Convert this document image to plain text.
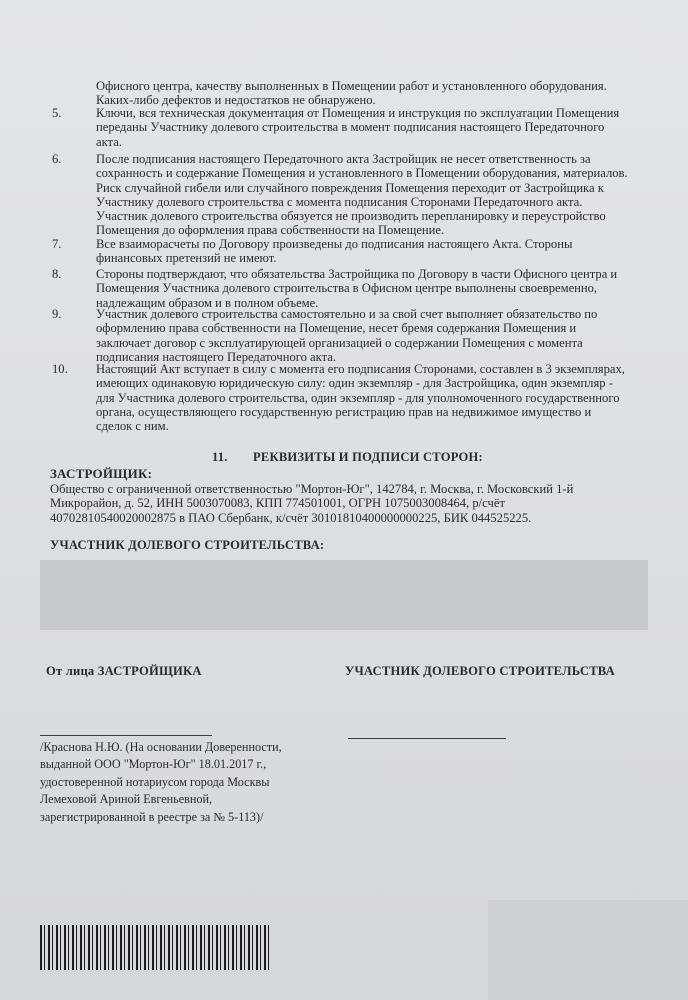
Офисного центра, качеству выполненных в Помещении работ и установленного оборудования.

Каких-либо дефектов и недостатков не обнаружено.

5.	Ключи, вся техническая документация от Помещения и инструкция по эксплуатации Помещения

переданы Участнику долевого строительства в момент подписания настоящего Передаточного

акта.

6.	После подписания настоящего Передаточного акта Застройщик не несет ответственность за

сохранность и содержание Помещения и установленного в Помещении оборудования, материалов.

Риск случайной гибели или случайного повреждения Помещения переходит от Застройщика к

Участнику долевого строительства с момента подписания Сторонами Передаточного акта.

Участник долевого строительства обязуется не производить перепланировку и переустройство

Помещения до оформления права собственности на Помещение.

7.	Все взаиморасчеты по Договору произведены до подписания настоящего Акта. Стороны

финансовых претензий не имеют.

8.	Стороны подтверждают, что обязательства Застройщика по Договору в части Офисного центра и

Помещения Участника долевого строительства в Офисном центре выполнены своевременно,

надлежащим образом и в полном объеме.

9.	Участник долевого строительства самостоятельно и за свой счет выполняет обязательство по

оформлению права собственности на Помещение, несет бремя содержания Помещения и

заключает договор с эксплуатирующей организацией о содержании Помещения с момента

подписания настоящего Передаточного акта.

10.	Настоящий Акт вступает в силу с момента его подписания Сторонами, составлен в 3 экземплярах,

имеющих одинаковую юридическую силу: один экземпляр - для Застройщика, один экземпляр -

для Участника долевого строительства, один экземпляр - для уполномоченного государственного

органа, осуществляющего государственную регистрацию прав на недвижимое имущество и

сделок с ним.

11. РЕКВИЗИТЫ И ПОДПИСИ СТОРОН:
ЗАСТРОЙЩИК:

Общество с ограниченной ответственностью "Мортон-Юг", 142784, г. Москва, г. Московский 1-й

Микрорайон, д. 52, ИНН 5003070083, КПП 774501001, ОГРН 1075003008464, р/счёт

40702810540020002875 в ПАО Сбербанк, к/счёт 30101810400000000225, БИК 044525225.

УЧАСТНИК ДОЛЕВОГО СТРОИТЕЛЬСТВА:
От лица ЗАСТРОЙЩИКА	УЧАСТНИК ДОЛЕВОГО СТРОИТЕЛЬСТВА
/Краснова Н.Ю. (На основании Доверенности,
выданной ООО "Мортон-Юг" 18.01.2017 г.,
удостоверенной нотариусом города Москвы
Лемеховой Ариной Евгеньевной,
зарегистрированной в реестре за № 5-113)/
